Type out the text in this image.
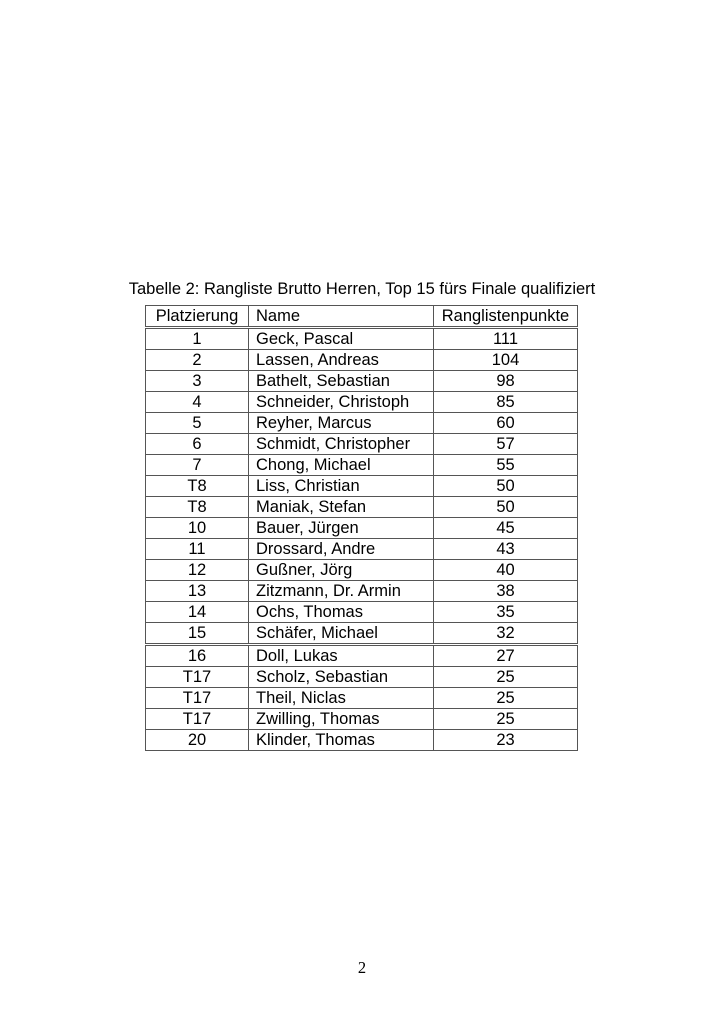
Tabelle 2: Rangliste Brutto Herren, Top 15 fürs Finale qualifiziert
Platzierung	Name	Ranglistenpunkte
1	Geck, Pascal	111
2	Lassen, Andreas	104
3	Bathelt, Sebastian	98
4	Schneider, Christoph	85
5	Reyher, Marcus	60
6	Schmidt, Christopher	57
7	Chong, Michael	55
T8	Liss, Christian	50
T8	Maniak, Stefan	50
10	Bauer, Jürgen	45
11	Drossard, Andre	43
12	Gußner, Jörg	40
13	Zitzmann, Dr. Armin	38
14	Ochs, Thomas	35
15	Schäfer, Michael	32
16	Doll, Lukas	27
T17	Scholz, Sebastian	25
T17	Theil, Niclas	25
T17	Zwilling, Thomas	25
20	Klinder, Thomas	23
2
